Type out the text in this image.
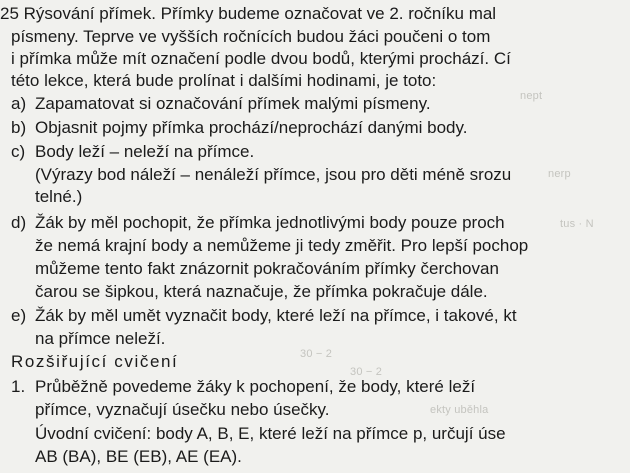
nept
nerp
tus · N
30 − 2
30 − 2
ekty uběhla
25 Rýsování přímek. Přímky budeme označovat ve 2. ročníku mal
písmeny. Teprve ve vyšších ročnících budou žáci poučeni o tom
i přímka může mít označení podle dvou bodů, kterými prochází. Cí
této lekce, která bude prolínat i dalšími hodinami, je toto:
a) Zapamatovat si označování přímek malými písmeny.
b) Objasnit pojmy přímka prochází/neprochází danými body.
c) Body leží – neleží na přímce.
(Výrazy bod náleží – nenáleží přímce, jsou pro děti méně srozu
telné.)
d) Žák by měl pochopit, že přímka jednotlivými body pouze proch
že nemá krajní body a nemůžeme ji tedy změřit. Pro lepší pochop
můžeme tento fakt znázornit pokračováním přímky čerchovan
čarou se šipkou, která naznačuje, že přímka pokračuje dále.
e) Žák by měl umět vyznačit body, které leží na přímce, i takové, kt
na přímce neleží.
Rozšiřující cvičení
1. Průběžně povedeme žáky k pochopení, že body, které leží
přímce, vyznačují úsečku nebo úsečky.
Úvodní cvičení: body A, B, E, které leží na přímce p, určují úse
AB (BA), BE (EB), AE (EA).
